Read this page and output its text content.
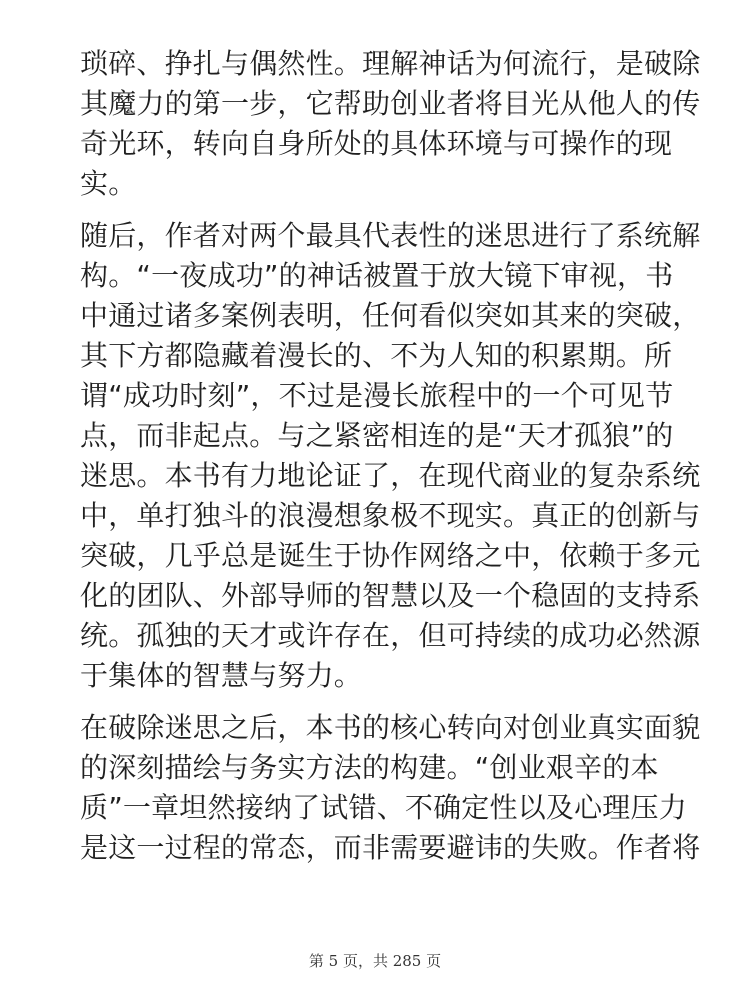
琐碎、挣扎与偶然性。理解神话为何流行，是破除
其魔力的第一步，它帮助创业者将目光从他人的传
奇光环，转向自身所处的具体环境与可操作的现
实。
随后，作者对两个最具代表性的迷思进行了系统解
构。“一夜成功”的神话被置于放大镜下审视，书
中通过诸多案例表明，任何看似突如其来的突破，
其下方都隐藏着漫长的、不为人知的积累期。所
谓“成功时刻”，不过是漫长旅程中的一个可见节
点，而非起点。与之紧密相连的是“天才孤狼”的
迷思。本书有力地论证了，在现代商业的复杂系统
中，单打独斗的浪漫想象极不现实。真正的创新与
突破，几乎总是诞生于协作网络之中，依赖于多元
化的团队、外部导师的智慧以及一个稳固的支持系
统。孤独的天才或许存在，但可持续的成功必然源
于集体的智慧与努力。
在破除迷思之后，本书的核心转向对创业真实面貌
的深刻描绘与务实方法的构建。“创业艰辛的本
质”一章坦然接纳了试错、不确定性以及心理压力
是这一过程的常态，而非需要避讳的失败。作者将
第 5 页，共 285 页
